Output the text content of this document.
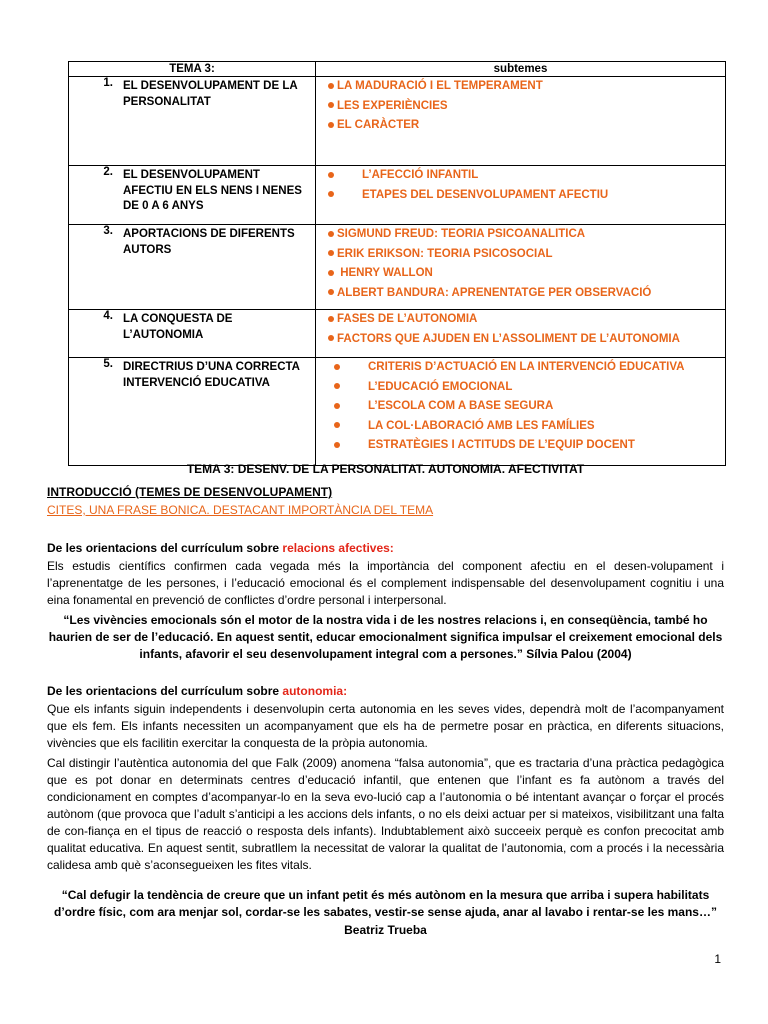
TEMA 3:	subtemes
1. EL DESENVOLUPAMENT DE LA PERSONALITAT	LA MADURACIÓ I EL TEMPERAMENT
LES EXPERIÈNCIES
EL CARÀCTER

2. EL DESENVOLUPAMENT AFECTIU EN ELS NENS I NENES DE 0 A 6 ANYS	L’AFECCIÓ INFANTIL
ETAPES DEL DESENVOLUPAMENT AFECTIU

3. APORTACIONS DE DIFERENTS AUTORS	SIGMUND FREUD: TEORIA PSICOANALITICA
ERIK ERIKSON: TEORIA PSICOSOCIAL
HENRY WALLON
ALBERT BANDURA: APRENENTATGE PER OBSERVACIÓ

4. LA CONQUESTA DE L’AUTONOMIA	FASES DE L’AUTONOMIA
FACTORS QUE AJUDEN EN L’ASSOLIMENT DE L’AUTONOMIA

5. DIRECTRIUS D’UNA CORRECTA INTERVENCIÓ EDUCATIVA	CRITERIS D’ACTUACIÓ EN LA INTERVENCIÓ EDUCATIVA
L’EDUCACIÓ EMOCIONAL
L’ESCOLA COM A BASE SEGURA
LA COL·LABORACIÓ AMB LES FAMÍLIES
ESTRATÈGIES I ACTITUDS DE L’EQUIP DOCENT
TEMA 3: DESENV. DE LA PERSONALITAT. AUTONOMIA. AFECTIVITAT
INTRODUCCIÓ (TEMES DE DESENVOLUPAMENT)
CITES, UNA FRASE BONICA. DESTACANT IMPORTÀNCIA DEL TEMA
De les orientacions del currículum sobre relacions afectives:
Els estudis científics confirmen cada vegada més la importància del component afectiu en el desen-volupament i l’aprenentatge de les persones, i l’educació emocional és el complement indispensable del desenvolupament cognitiu i una eina fonamental en prevenció de conflictes d’ordre personal i interpersonal.
“Les vivències emocionals són el motor de la nostra vida i de les nostres relacions i, en conseqüència, també ho haurien de ser de l’educació. En aquest sentit, educar emocionalment significa impulsar el creixement emocional dels infants, afavorir el seu desenvolupament integral com a persones.” Sílvia Palou (2004)
De les orientacions del currículum sobre autonomia:
Que els infants siguin independents i desenvolupin certa autonomia en les seves vides, dependrà molt de l’acompanyament que els fem. Els infants necessiten un acompanyament que els ha de permetre posar en pràctica, en diferents situacions, vivències que els facilitin exercitar la conquesta de la pròpia autonomia.
Cal distingir l’autèntica autonomia del que Falk (2009) anomena “falsa autonomia”, que es tractaria d’una pràctica pedagògica que es pot donar en determinats centres d’educació infantil, que entenen que l’infant es fa autònom a través del condicionament en comptes d’acompanyar-lo en la seva evo-lució cap a l’autonomia o bé intentant avançar o forçar el procés autònom (que provoca que l’adult s’anticipi a les accions dels infants, o no els deixi actuar per si mateixos, visibilitzant una falta de con-fiança en el tipus de reacció o resposta dels infants). Indubtablement això succeeix perquè es confon precocitat amb qualitat educativa. En aquest sentit, subratllem la necessitat de valorar la qualitat de l’autonomia, com a procés i la necessària calidesa amb què s’aconsegueixen les fites vitals.
“Cal defugir la tendència de creure que un infant petit és més autònom en la mesura que arriba i supera habilitats d’ordre físic, com ara menjar sol, cordar-se les sabates, vestir-se sense ajuda, anar al lavabo i rentar-se les mans…”
Beatriz Trueba
1
